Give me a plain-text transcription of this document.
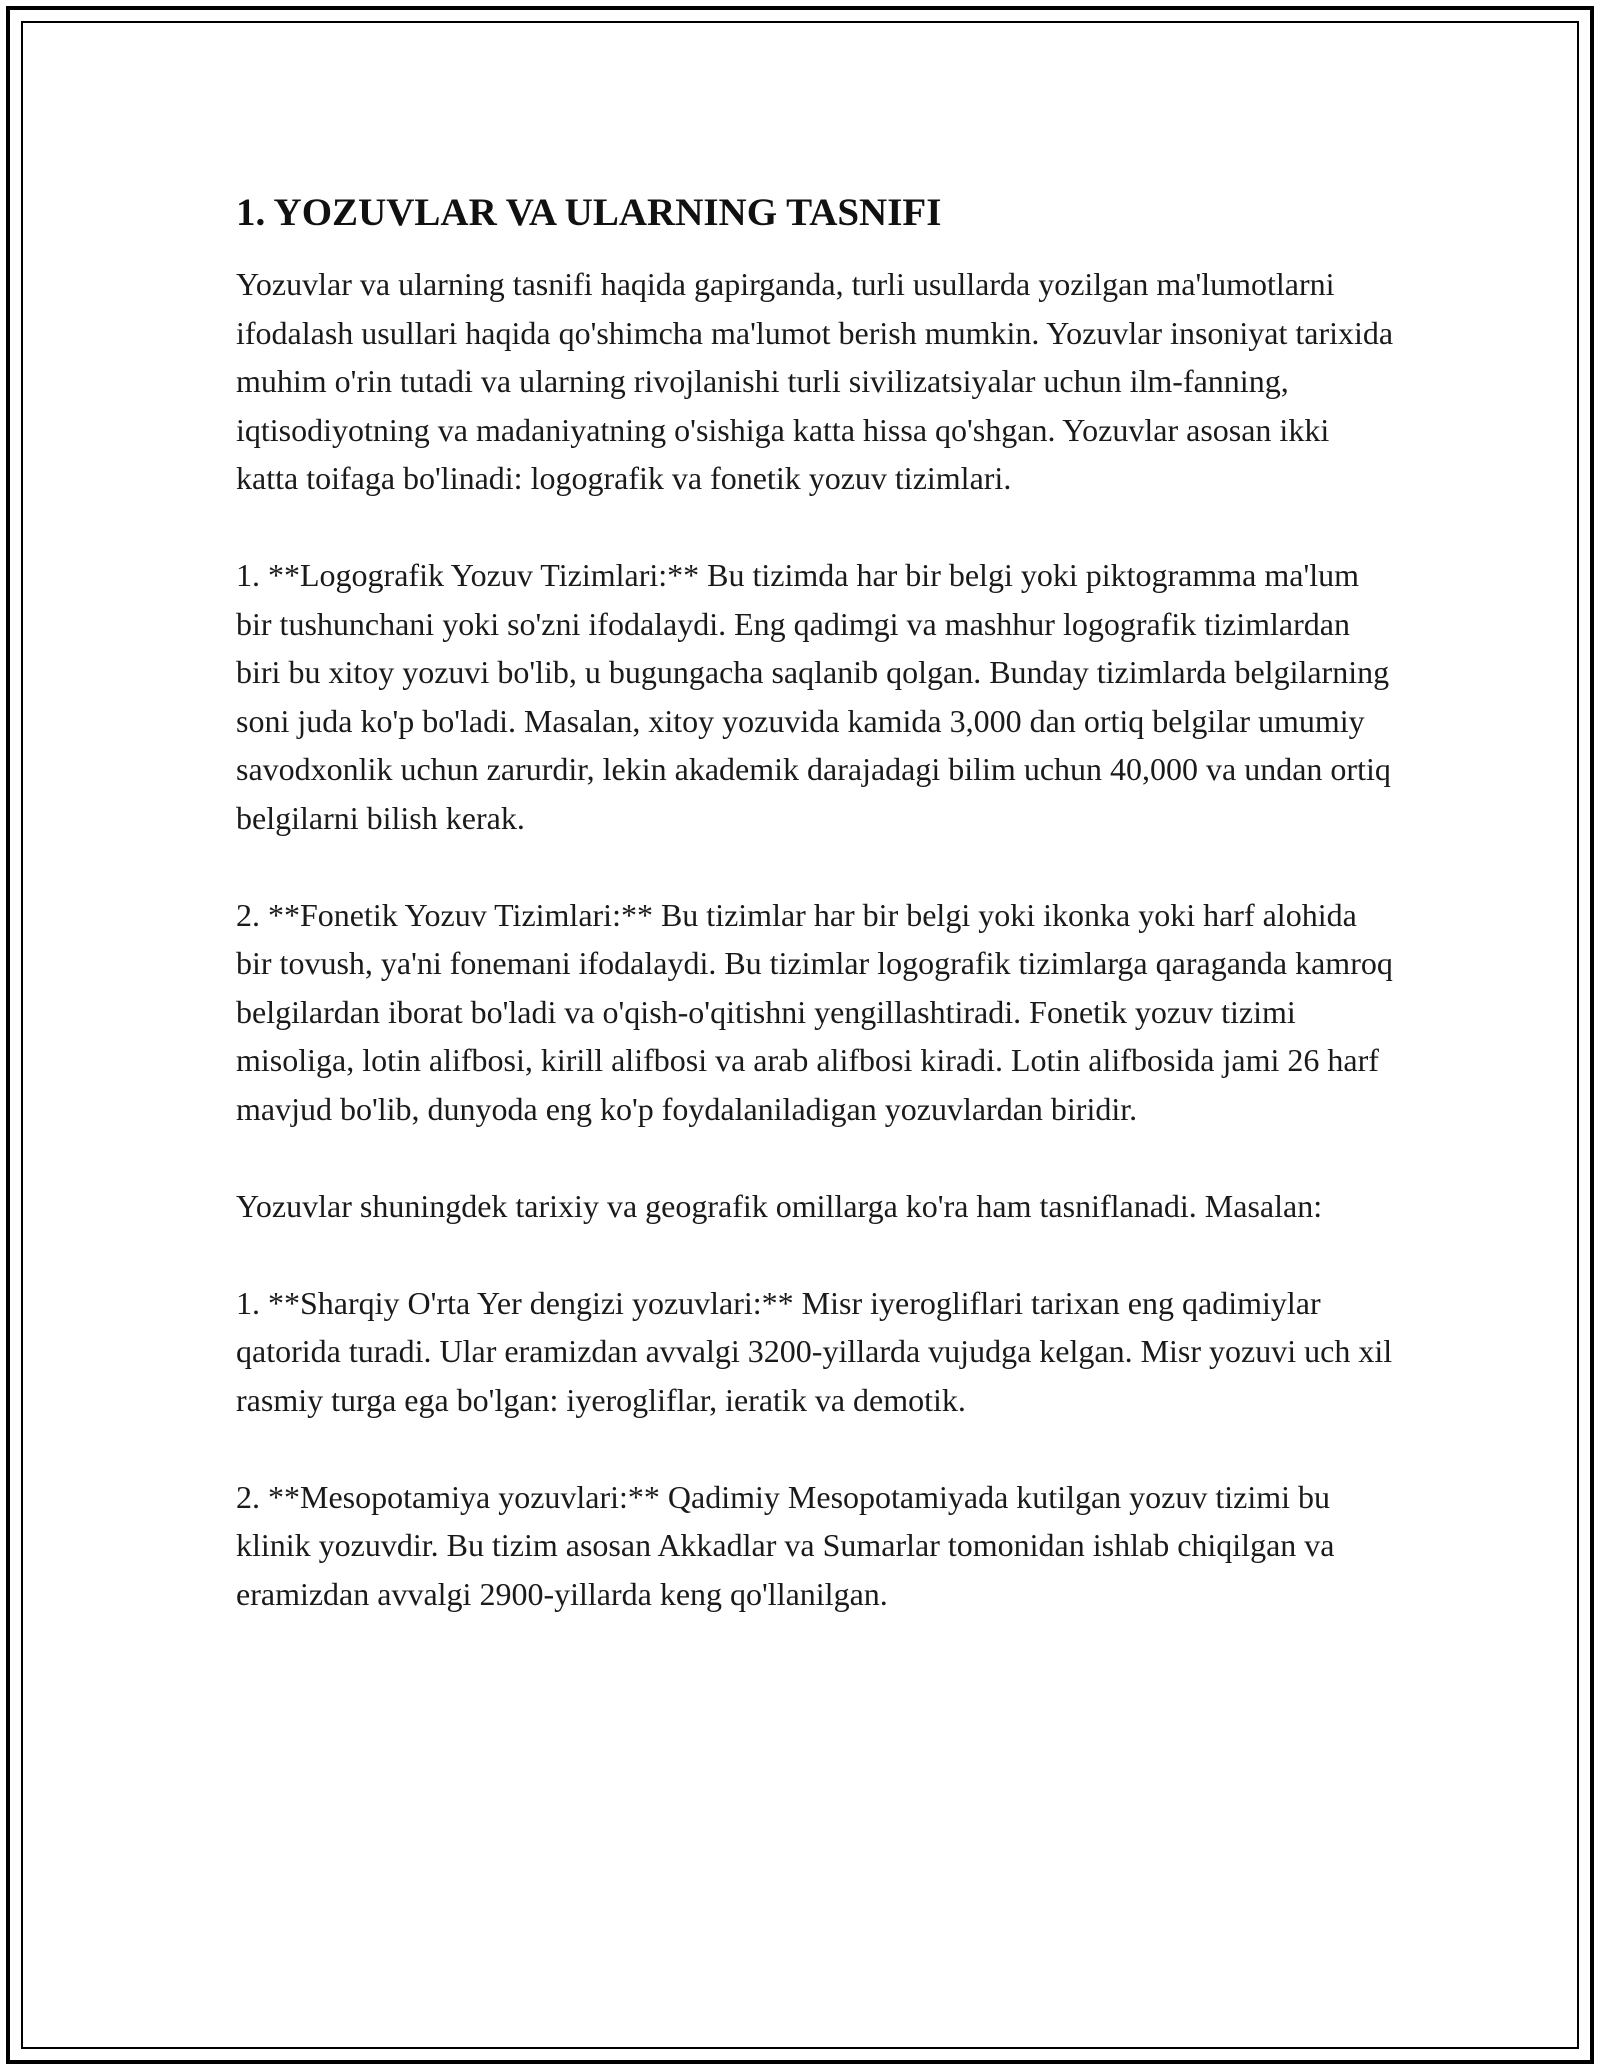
1. YOZUVLAR VA ULARNING TASNIFI

Yozuvlar va ularning tasnifi haqida gapirganda, turli usullarda yozilgan ma'lumotlarni ifodalash usullari haqida qo'shimcha ma'lumot berish mumkin. Yozuvlar insoniyat tarixida muhim o'rin tutadi va ularning rivojlanishi turli sivilizatsiyalar uchun ilm-fanning, iqtisodiyotning va madaniyatning o'sishiga katta hissa qo'shgan. Yozuvlar asosan ikki katta toifaga bo'linadi: logografik va fonetik yozuv tizimlari.

1. **Logografik Yozuv Tizimlari:** Bu tizimda har bir belgi yoki piktogramma ma'lum bir tushunchani yoki so'zni ifodalaydi. Eng qadimgi va mashhur logografik tizimlardan biri bu xitoy yozuvi bo'lib, u bugungacha saqlanib qolgan. Bunday tizimlarda belgilarning soni juda ko'p bo'ladi. Masalan, xitoy yozuvida kamida 3,000 dan ortiq belgilar umumiy savodxonlik uchun zarurdir, lekin akademik darajadagi bilim uchun 40,000 va undan ortiq belgilarni bilish kerak.

2. **Fonetik Yozuv Tizimlari:** Bu tizimlar har bir belgi yoki ikonka yoki harf alohida bir tovush, ya'ni fonemani ifodalaydi. Bu tizimlar logografik tizimlarga qaraganda kamroq belgilardan iborat bo'ladi va o'qish-o'qitishni yengillashtiradi. Fonetik yozuv tizimi misoliga, lotin alifbosi, kirill alifbosi va arab alifbosi kiradi. Lotin alifbosida jami 26 harf mavjud bo'lib, dunyoda eng ko'p foydalaniladigan yozuvlardan biridir.

Yozuvlar shuningdek tarixiy va geografik omillarga ko'ra ham tasniflanadi. Masalan:

1. **Sharqiy O'rta Yer dengizi yozuvlari:** Misr iyerogliflari tarixan eng qadimiylar qatorida turadi. Ular eramizdan avvalgi 3200-yillarda vujudga kelgan. Misr yozuvi uch xil rasmiy turga ega bo'lgan: iyerogliflar, ieratik va demotik.

2. **Mesopotamiya yozuvlari:** Qadimiy Mesopotamiyada kutilgan yozuv tizimi bu klinik yozuvdir. Bu tizim asosan Akkadlar va Sumarlar tomonidan ishlab chiqilgan va eramizdan avvalgi 2900-yillarda keng qo'llanilgan.
